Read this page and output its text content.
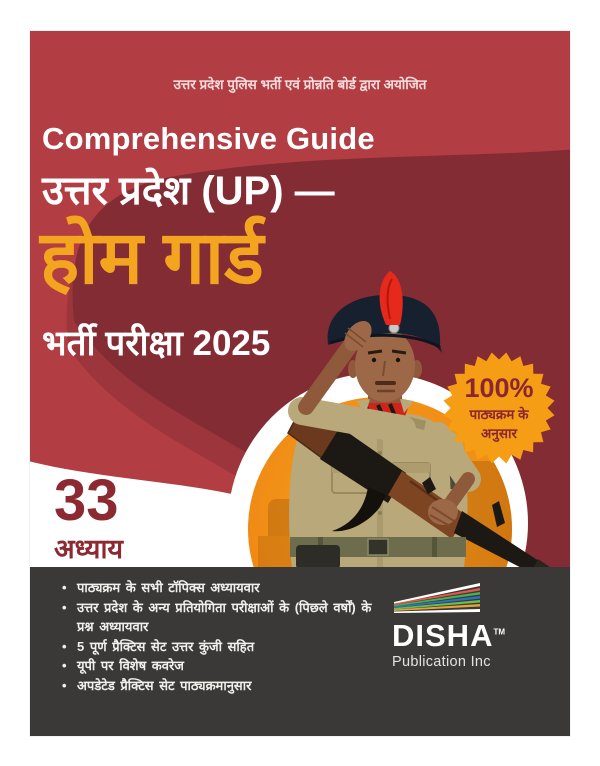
उत्तर प्रदेश पुलिस भर्ती एवं प्रोन्नति बोर्ड द्वारा अयोजित
Comprehensive Guide
उत्तर प्रदेश (UP) —
होम गार्ड
भर्ती परीक्षा 2025
33
अध्याय
100%
पाठ्यक्रम के
अनुसार
• पाठ्यक्रम के सभी टॉपिक्स अध्यायवार
• उत्तर प्रदेश के अन्य प्रतियोगिता परीक्षाओं के (पिछले वर्षों) के प्रश्न अध्यायवार
• 5 पूर्ण प्रैक्टिस सेट उत्तर कुंजी सहित
• यूपी पर विशेष कवरेज
• अपडेटेड प्रैक्टिस सेट पाठ्यक्रमानुसार
DISHA™
Publication Inc
